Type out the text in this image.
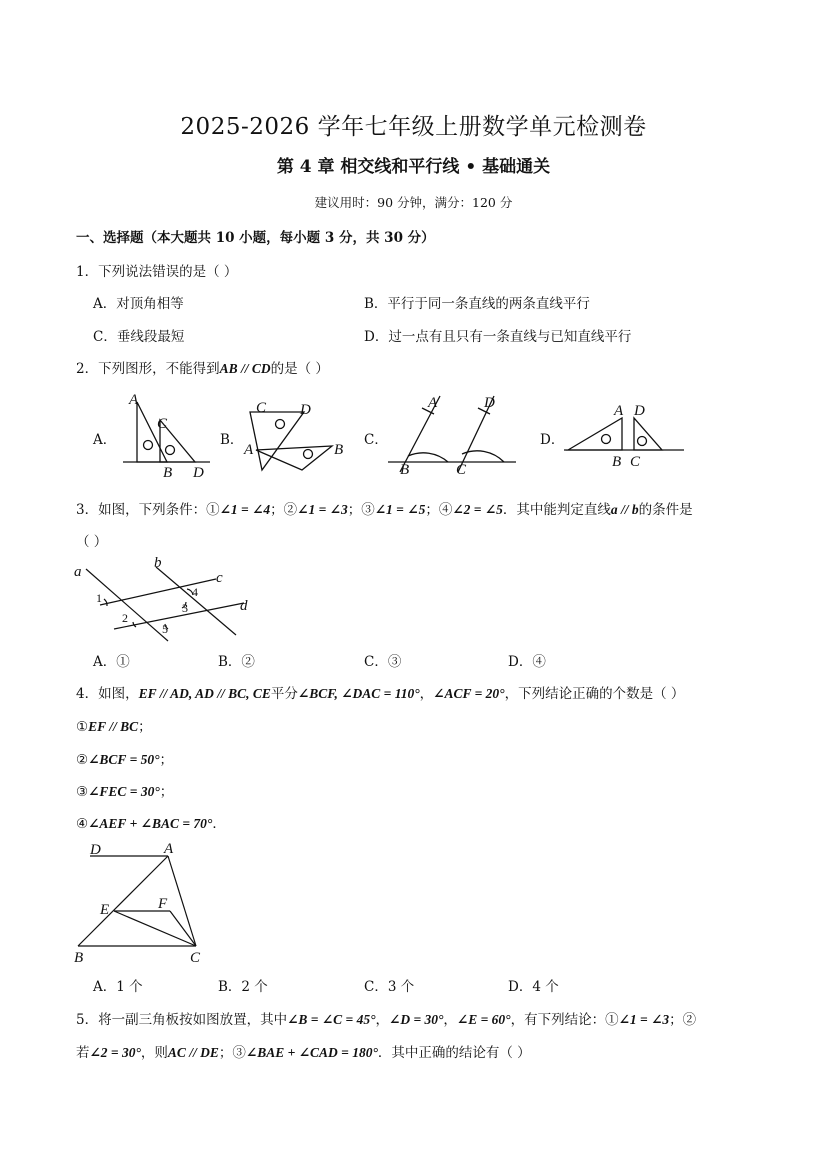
2025-2026 学年七年级上册数学单元检测卷
第 4 章 相交线和平行线 • 基础通关
建议用时：90 分钟，满分：120 分
一、选择题（本大题共 10 小题，每小题 3 分，共 30 分）
1．下列说法错误的是（ ）
A．对顶角相等	B．平行于同一条直线的两条直线平行
C．垂线段最短	D．过一点有且只有一条直线与已知直线平行
2．下列图形，不能得到AB // CD的是（ ）
A．	B．	C．	D．
A
C
B D
C D
A	B
A	D
B	C
A D
B C
3．如图，下列条件：①∠1 = ∠4；②∠1 = ∠3；③∠1 = ∠5；④∠2 = ∠5．其中能判定直线a // b的条件是
（ ）
a
b
c
d
1	4
3
2
5
A．①	B．②	C．③	D．④
4．如图，EF // AD, AD // BC, CE平分∠BCF, ∠DAC = 110°，∠ACF = 20°，下列结论正确的个数是（ ）
①EF // BC；
②∠BCF = 50°；
③∠FEC = 30°；
④∠AEF + ∠BAC = 70°．
D	A
E	F
B	C
A．1 个	B．2 个	C．3 个	D．4 个
5．将一副三角板按如图放置，其中∠B = ∠C = 45°，∠D = 30°，∠E = 60°，有下列结论：①∠1 = ∠3；②
若∠2 = 30°，则AC // DE；③∠BAE + ∠CAD = 180°．其中正确的结论有（ ）
